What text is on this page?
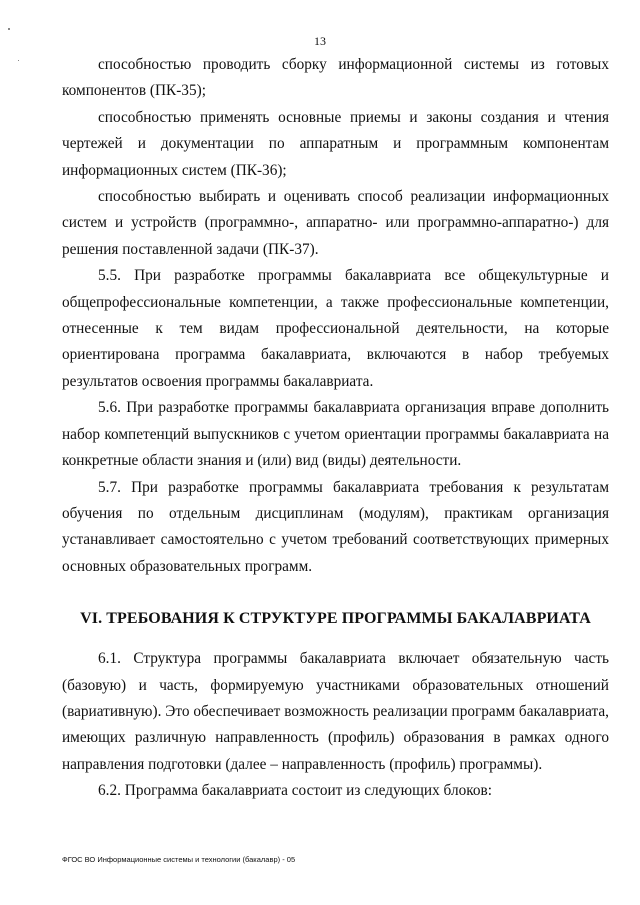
13

способностью проводить сборку информационной системы из готовых компонентов (ПК-35);

способностью применять основные приемы и законы создания и чтения чертежей и документации по аппаратным и программным компонентам информационных систем (ПК-36);

способностью выбирать и оценивать способ реализации информационных систем и устройств (программно-, аппаратно- или программно-аппаратно-) для решения поставленной задачи (ПК-37).

5.5. При разработке программы бакалавриата все общекультурные и общепрофессиональные компетенции, а также профессиональные компетенции, отнесенные к тем видам профессиональной деятельности, на которые ориентирована программа бакалавриата, включаются в набор требуемых результатов освоения программы бакалавриата.

5.6. При разработке программы бакалавриата организация вправе дополнить набор компетенций выпускников с учетом ориентации программы бакалавриата на конкретные области знания и (или) вид (виды) деятельности.

5.7. При разработке программы бакалавриата требования к результатам обучения по отдельным дисциплинам (модулям), практикам организация устанавливает самостоятельно с учетом требований соответствующих примерных основных образовательных программ.

VI. ТРЕБОВАНИЯ К СТРУКТУРЕ ПРОГРАММЫ БАКАЛАВРИАТА

6.1. Структура программы бакалавриата включает обязательную часть (базовую) и часть, формируемую участниками образовательных отношений (вариативную). Это обеспечивает возможность реализации программ бакалавриата, имеющих различную направленность (профиль) образования в рамках одного направления подготовки (далее – направленность (профиль) программы).

6.2. Программа бакалавриата состоит из следующих блоков:

ФГОС ВО Информационные системы и технологии (бакалавр) - 05
